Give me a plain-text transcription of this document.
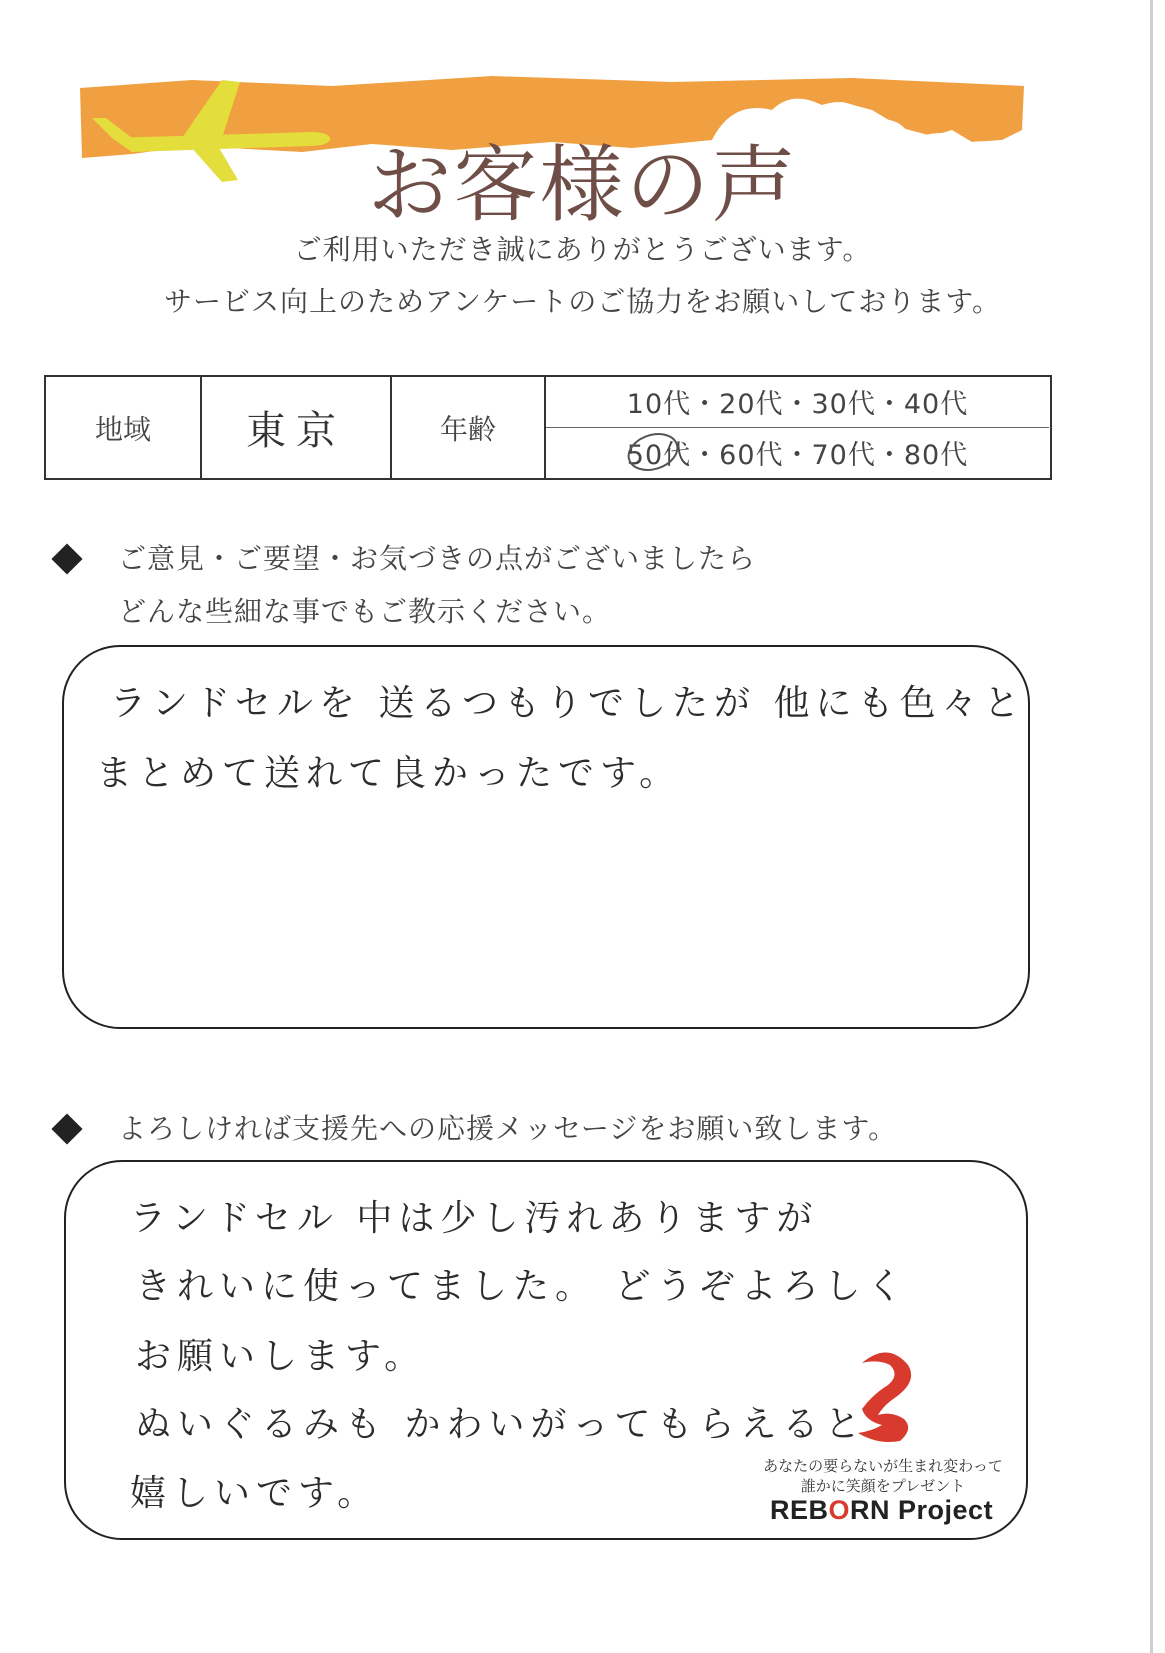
お客様の声
ご利用いただき誠にありがとうございます。
サービス向上のためアンケートのご協力をお願いしております。
地域	東京	年齢
10代・20代・30代・40代
50代・60代・70代・80代
ご意見・ご要望・お気づきの点がございましたら
どんな些細な事でもご教示ください。
ランドセルを 送るつもりでしたが 他にも色々と
まとめて送れて良かったです。
よろしければ支援先への応援メッセージをお願い致します。
ランドセル 中は少し汚れありますが
きれいに使ってました。 どうぞよろしく
お願いします。
ぬいぐるみも かわいがってもらえると
嬉しいです。
あなたの要らないが生まれ変わって
誰かに笑顔をプレゼント
REBORN Project
